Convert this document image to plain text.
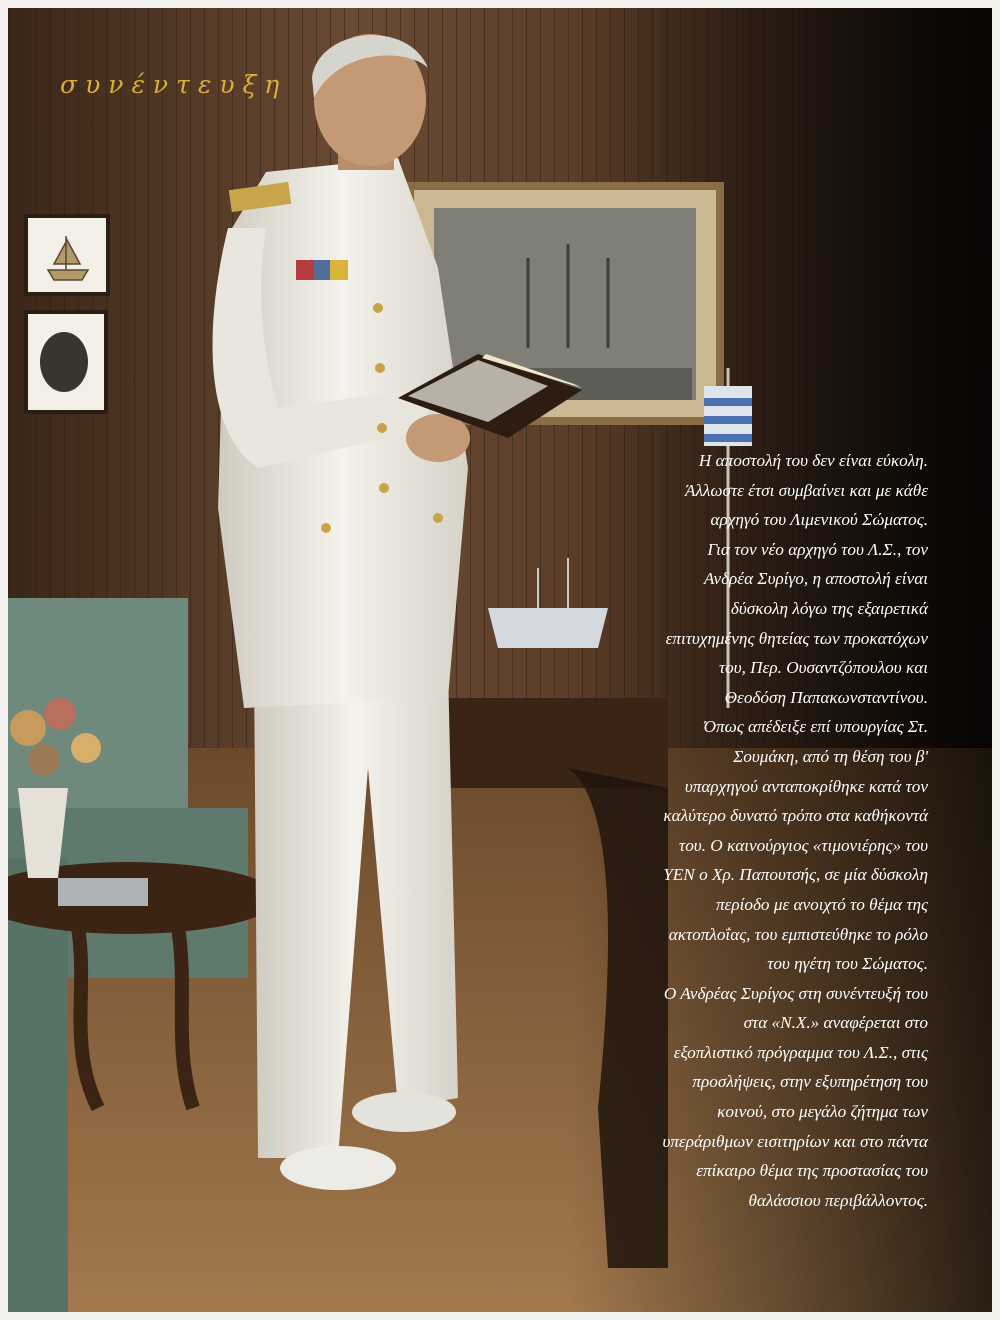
συνέντευξη
Η αποστολή του δεν είναι εύκολη.
Άλλωστε έτσι συμβαίνει και με κάθε
αρχηγό του Λιμενικού Σώματος.
Για τον νέο αρχηγό του Λ.Σ., τον
Ανδρέα Συρίγο, η αποστολή είναι
δύσκολη λόγω της εξαιρετικά
επιτυχημένης θητείας των προκατόχων
του, Περ. Ουσαντζόπουλου και
Θεοδόση Παπακωνσταντίνου.
Όπως απέδειξε επί υπουργίας Στ.
Σουμάκη, από τη θέση του β'
υπαρχηγού ανταποκρίθηκε κατά τον
καλύτερο δυνατό τρόπο στα καθήκοντά
του. Ο καινούργιος «τιμονιέρης» του
ΥΕΝ ο Χρ. Παπουτσής, σε μία δύσκολη
περίοδο με ανοιχτό το θέμα της
ακτοπλοΐας, του εμπιστεύθηκε το ρόλο
του ηγέτη του Σώματος.
Ο Ανδρέας Συρίγος στη συνέντευξή του
στα «Ν.Χ.» αναφέρεται στο
εξοπλιστικό πρόγραμμα του Λ.Σ., στις
προσλήψεις, στην εξυπηρέτηση του
κοινού, στο μεγάλο ζήτημα των
υπεράριθμων εισιτηρίων και στο πάντα
επίκαιρο θέμα της προστασίας του
θαλάσσιου περιβάλλοντος.
